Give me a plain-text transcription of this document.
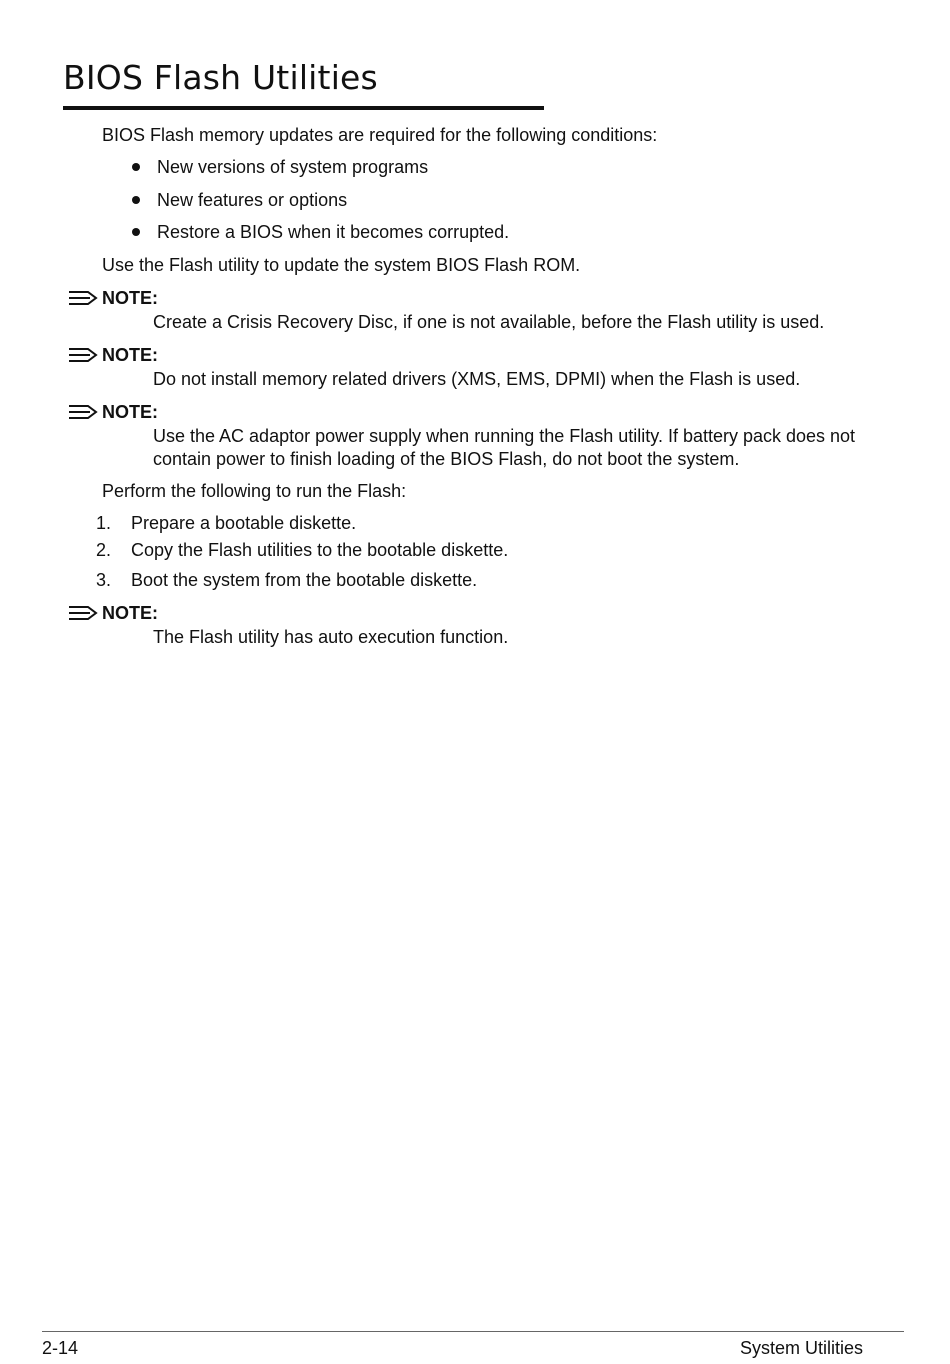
BIOS Flash Utilities
BIOS Flash memory updates are required for the following conditions:
New versions of system programs
New features or options
Restore a BIOS when it becomes corrupted.
Use the Flash utility to update the system BIOS Flash ROM.
NOTE:
Create a Crisis Recovery Disc, if one is not available, before the Flash utility is used.
NOTE:
Do not install memory related drivers (XMS, EMS, DPMI) when the Flash is used.
NOTE:
Use the AC adaptor power supply when running the Flash utility. If battery pack does not contain power to finish loading of the BIOS Flash, do not boot the system.
Perform the following to run the Flash:
1. Prepare a bootable diskette.
2. Copy the Flash utilities to the bootable diskette.
3. Boot the system from the bootable diskette.
NOTE:
The Flash utility has auto execution function.
2-14	System Utilities
